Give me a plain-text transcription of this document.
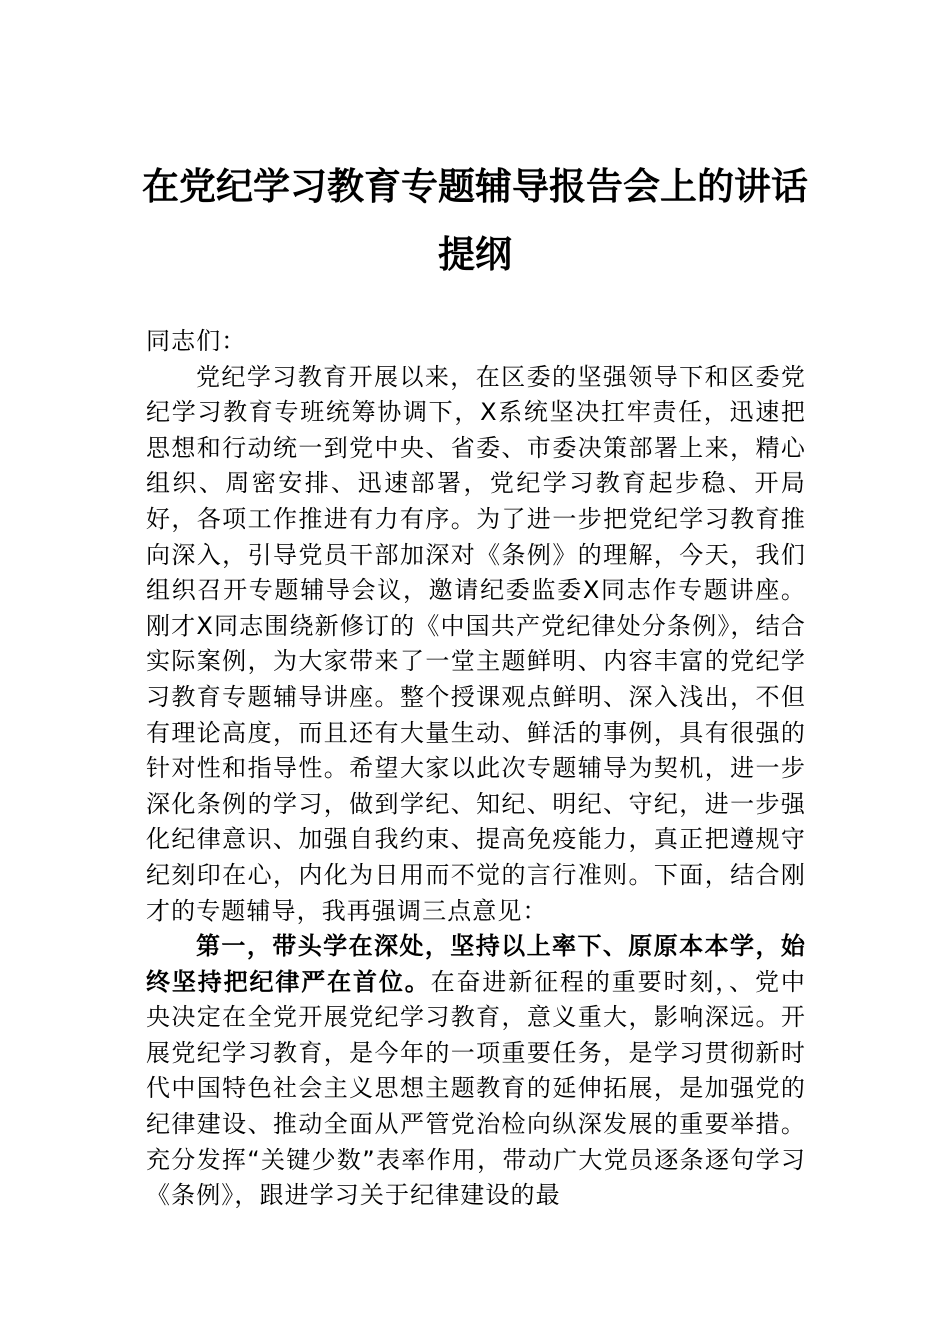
在党纪学习教育专题辅导报告会上的讲话
提纲

同志们：

党纪学习教育开展以来，在区委的坚强领导下和区委党纪学习教育专班统筹协调下，X系统坚决扛牢责任，迅速把思想和行动统一到党中央、省委、市委决策部署上来，精心组织、周密安排、迅速部署，党纪学习教育起步稳、开局好，各项工作推进有力有序。为了进一步把党纪学习教育推向深入，引导党员干部加深对《条例》的理解，今天，我们组织召开专题辅导会议，邀请纪委监委X同志作专题讲座。刚才X同志围绕新修订的《中国共产党纪律处分条例》，结合实际案例，为大家带来了一堂主题鲜明、内容丰富的党纪学习教育专题辅导讲座。整个授课观点鲜明、深入浅出，不但有理论高度，而且还有大量生动、鲜活的事例，具有很强的针对性和指导性。希望大家以此次专题辅导为契机，进一步深化条例的学习，做到学纪、知纪、明纪、守纪，进一步强化纪律意识、加强自我约束、提高免疫能力，真正把遵规守纪刻印在心，内化为日用而不觉的言行准则。下面，结合刚才的专题辅导，我再强调三点意见：

第一，带头学在深处，坚持以上率下、原原本本学，始终坚持把纪律严在首位。在奋进新征程的重要时刻，、党中央决定在全党开展党纪学习教育，意义重大，影响深远。开展党纪学习教育，是今年的一项重要任务，是学习贯彻新时代中国特色社会主义思想主题教育的延伸拓展，是加强党的纪律建设、推动全面从严管党治检向纵深发展的重要举措。充分发挥“关键少数”表率作用，带动广大党员逐条逐句学习《条例》，跟进学习关于纪律建设的最
